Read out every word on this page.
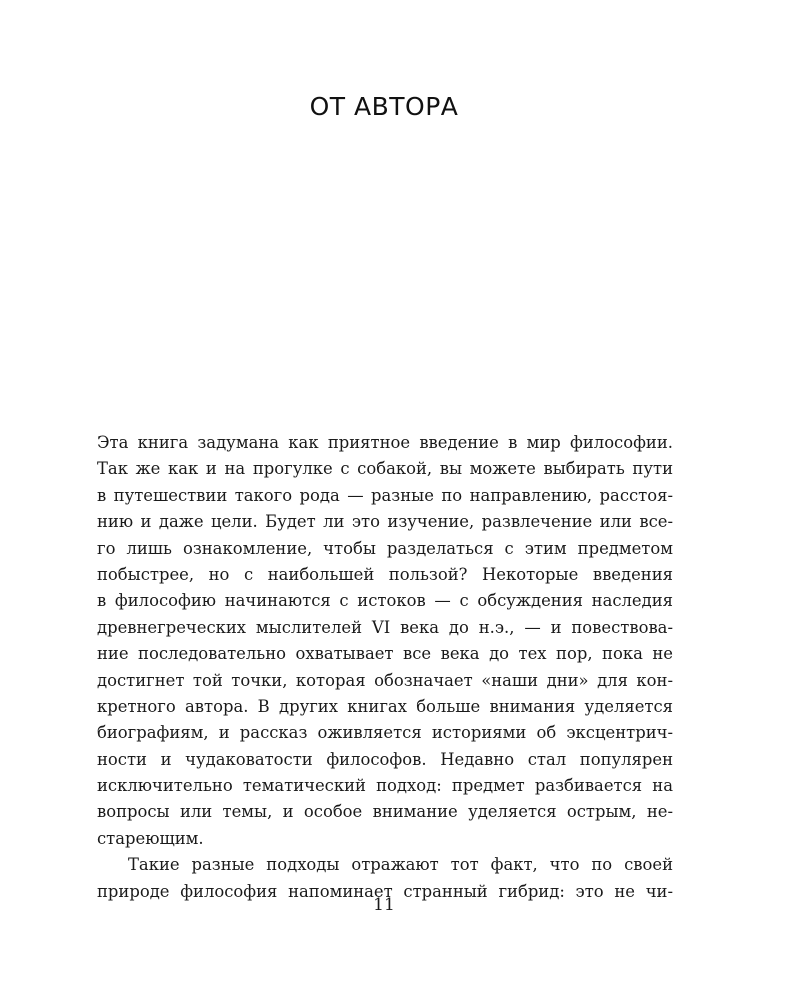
ОТ АВТОРА
Эта книга задумана как приятное введение в мир философии.
Так же как и на прогулке с собакой, вы можете выбирать пути
в путешествии такого рода — разные по направлению, расстоя-
нию и даже цели. Будет ли это изучение, развлечение или все-
го лишь ознакомление, чтобы разделаться с этим предметом
побыстрее, но с наибольшей пользой? Некоторые введения
в философию начинаются с истоков — с обсуждения наследия
древнегреческих мыслителей VI века до н.э., — и повествова-
ние последовательно охватывает все века до тех пор, пока не
достигнет той точки, которая обозначает «наши дни» для кон-
кретного автора. В других книгах больше внимания уделяется
биографиям, и рассказ оживляется историями об эксцентрич-
ности и чудаковатости философов. Недавно стал популярен
исключительно тематический подход: предмет разбивается на
вопросы или темы, и особое внимание уделяется острым, не-
стареющим.
Такие разные подходы отражают тот факт, что по своей
природе философия напоминает странный гибрид: это не чи-
11
